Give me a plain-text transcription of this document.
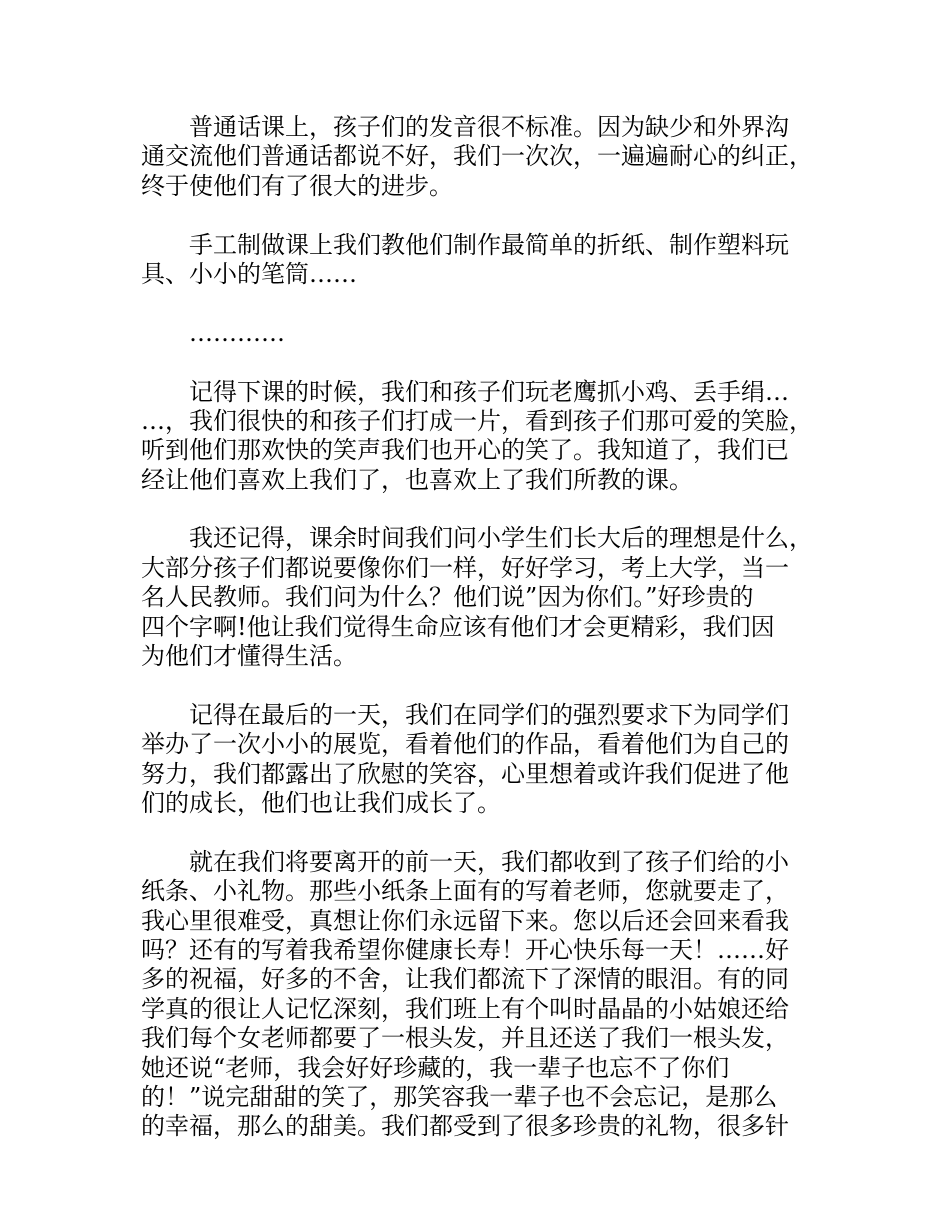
普通话课上，孩子们的发音很不标准。因为缺少和外界沟
通交流他们普通话都说不好，我们一次次，一遍遍耐心的纠正，
终于使他们有了很大的进步。
手工制做课上我们教他们制作最简单的折纸、制作塑料玩
具、小小的笔筒……
…………
记得下课的时候，我们和孩子们玩老鹰抓小鸡、丢手绢…
…，我们很快的和孩子们打成一片，看到孩子们那可爱的笑脸，
听到他们那欢快的笑声我们也开心的笑了。我知道了，我们已
经让他们喜欢上我们了，也喜欢上了我们所教的课。
我还记得，课余时间我们问小学生们长大后的理想是什么，
大部分孩子们都说要像你们一样，好好学习，考上大学，当一
名人民教师。我们问为什么？他们说”因为你们。”好珍贵的
四个字啊!他让我们觉得生命应该有他们才会更精彩，我们因
为他们才懂得生活。
记得在最后的一天，我们在同学们的强烈要求下为同学们
举办了一次小小的展览，看着他们的作品，看着他们为自己的
努力，我们都露出了欣慰的笑容，心里想着或许我们促进了他
们的成长，他们也让我们成长了。
就在我们将要离开的前一天，我们都收到了孩子们给的小
纸条、小礼物。那些小纸条上面有的写着老师，您就要走了，
我心里很难受，真想让你们永远留下来。您以后还会回来看我
吗？还有的写着我希望你健康长寿！开心快乐每一天！……好
多的祝福，好多的不舍，让我们都流下了深情的眼泪。有的同
学真的很让人记忆深刻，我们班上有个叫时晶晶的小姑娘还给
我们每个女老师都要了一根头发，并且还送了我们一根头发，
她还说“老师，我会好好珍藏的，我一辈子也忘不了你们
的！”说完甜甜的笑了，那笑容我一辈子也不会忘记，是那么
的幸福，那么的甜美。我们都受到了很多珍贵的礼物，很多针
